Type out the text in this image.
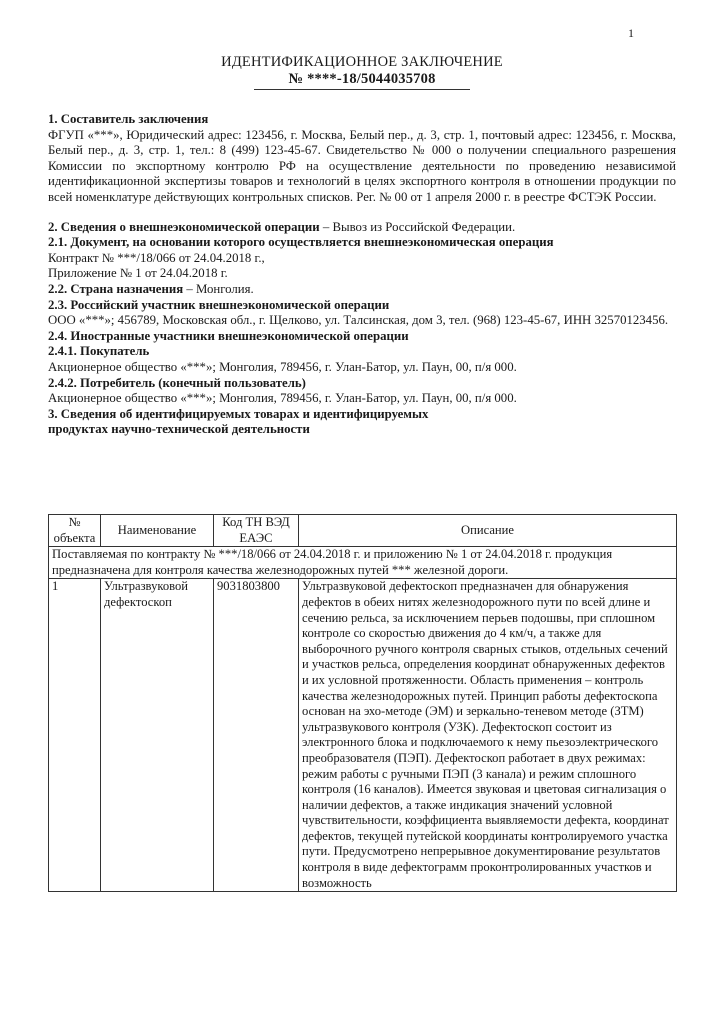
1
ИДЕНТИФИКАЦИОННОЕ ЗАКЛЮЧЕНИЕ
№ ****-18/5044035708

1. Составитель заключения

ФГУП «***», Юридический адрес: 123456, г. Москва, Белый пер., д. 3, стр. 1, почтовый адрес: 123456, г. Москва, Белый пер., д. 3, стр. 1, тел.: 8 (499) 123-45-67. Свидетельство № 000 о получении специального разрешения Комиссии по экспортному контролю РФ на осуществление деятельности по проведению независимой идентификационной экспертизы товаров и технологий в целях экспортного контроля в отношении продукции по всей номенклатуре действующих контрольных списков. Рег. № 00 от 1 апреля 2000 г. в реестре ФСТЭК России.

2. Сведения о внешнеэкономической операции – Вывоз из Российской Федерации.

2.1. Документ, на основании которого осуществляется внешнеэкономическая операция

Контракт № ***/18/066 от 24.04.2018 г.,

Приложение № 1 от 24.04.2018 г.

2.2. Страна назначения – Монголия.

2.3. Российский участник внешнеэкономической операции

ООО «***»; 456789, Московская обл., г. Щелково, ул. Талсинская, дом 3, тел. (968) 123-45-67, ИНН 32570123456.

2.4. Иностранные участники внешнеэкономической операции

2.4.1. Покупатель

Акционерное общество «***»; Монголия, 789456, г. Улан-Батор, ул. Паун, 00, п/я 000.

2.4.2. Потребитель (конечный пользователь)

Акционерное общество «***»; Монголия, 789456, г. Улан-Батор, ул. Паун, 00, п/я 000.

3. Сведения об идентифицируемых товарах и идентифицируемых

продуктах научно-технической деятельности

№ объекта	Наименование	Код ТН ВЭД ЕАЭС	Описание
Поставляемая по контракту № ***/18/066 от 24.04.2018 г. и приложению № 1 от 24.04.2018 г. продукция предназначена для контроля качества железнодорожных путей *** железной дороги.			
1	Ультразвуковой дефектоскоп	9031803800	Ультразвуковой дефектоскоп предназначен для обнаружения дефектов в обеих нитях железнодорожного пути по всей длине и сечению рельса, за исключением перьев подошвы, при сплошном контроле со скоростью движения до 4 км/ч, а также для выборочного ручного контроля сварных стыков, отдельных сечений и участков рельса, определения координат обнаруженных дефектов и их условной протяженности. Область применения – контроль качества железнодорожных путей. Принцип работы дефектоскопа основан на эхо-методе (ЭМ) и зеркально-теневом методе (ЗТМ) ультразвукового контроля (УЗК). Дефектоскоп состоит из электронного блока и подключаемого к нему пьезоэлектрического преобразователя (ПЭП). Дефектоскоп работает в двух режимах: режим работы с ручными ПЭП (3 канала) и режим сплошного контроля (16 каналов). Имеется звуковая и цветовая сигнализация о наличии дефектов, а также индикация значений условной чувствительности, коэффициента выявляемости дефекта, координат дефектов, текущей путейской координаты контролируемого участка пути. Предусмотрено непрерывное документирование результатов контроля в виде дефектограмм проконтролированных участков и возможность
